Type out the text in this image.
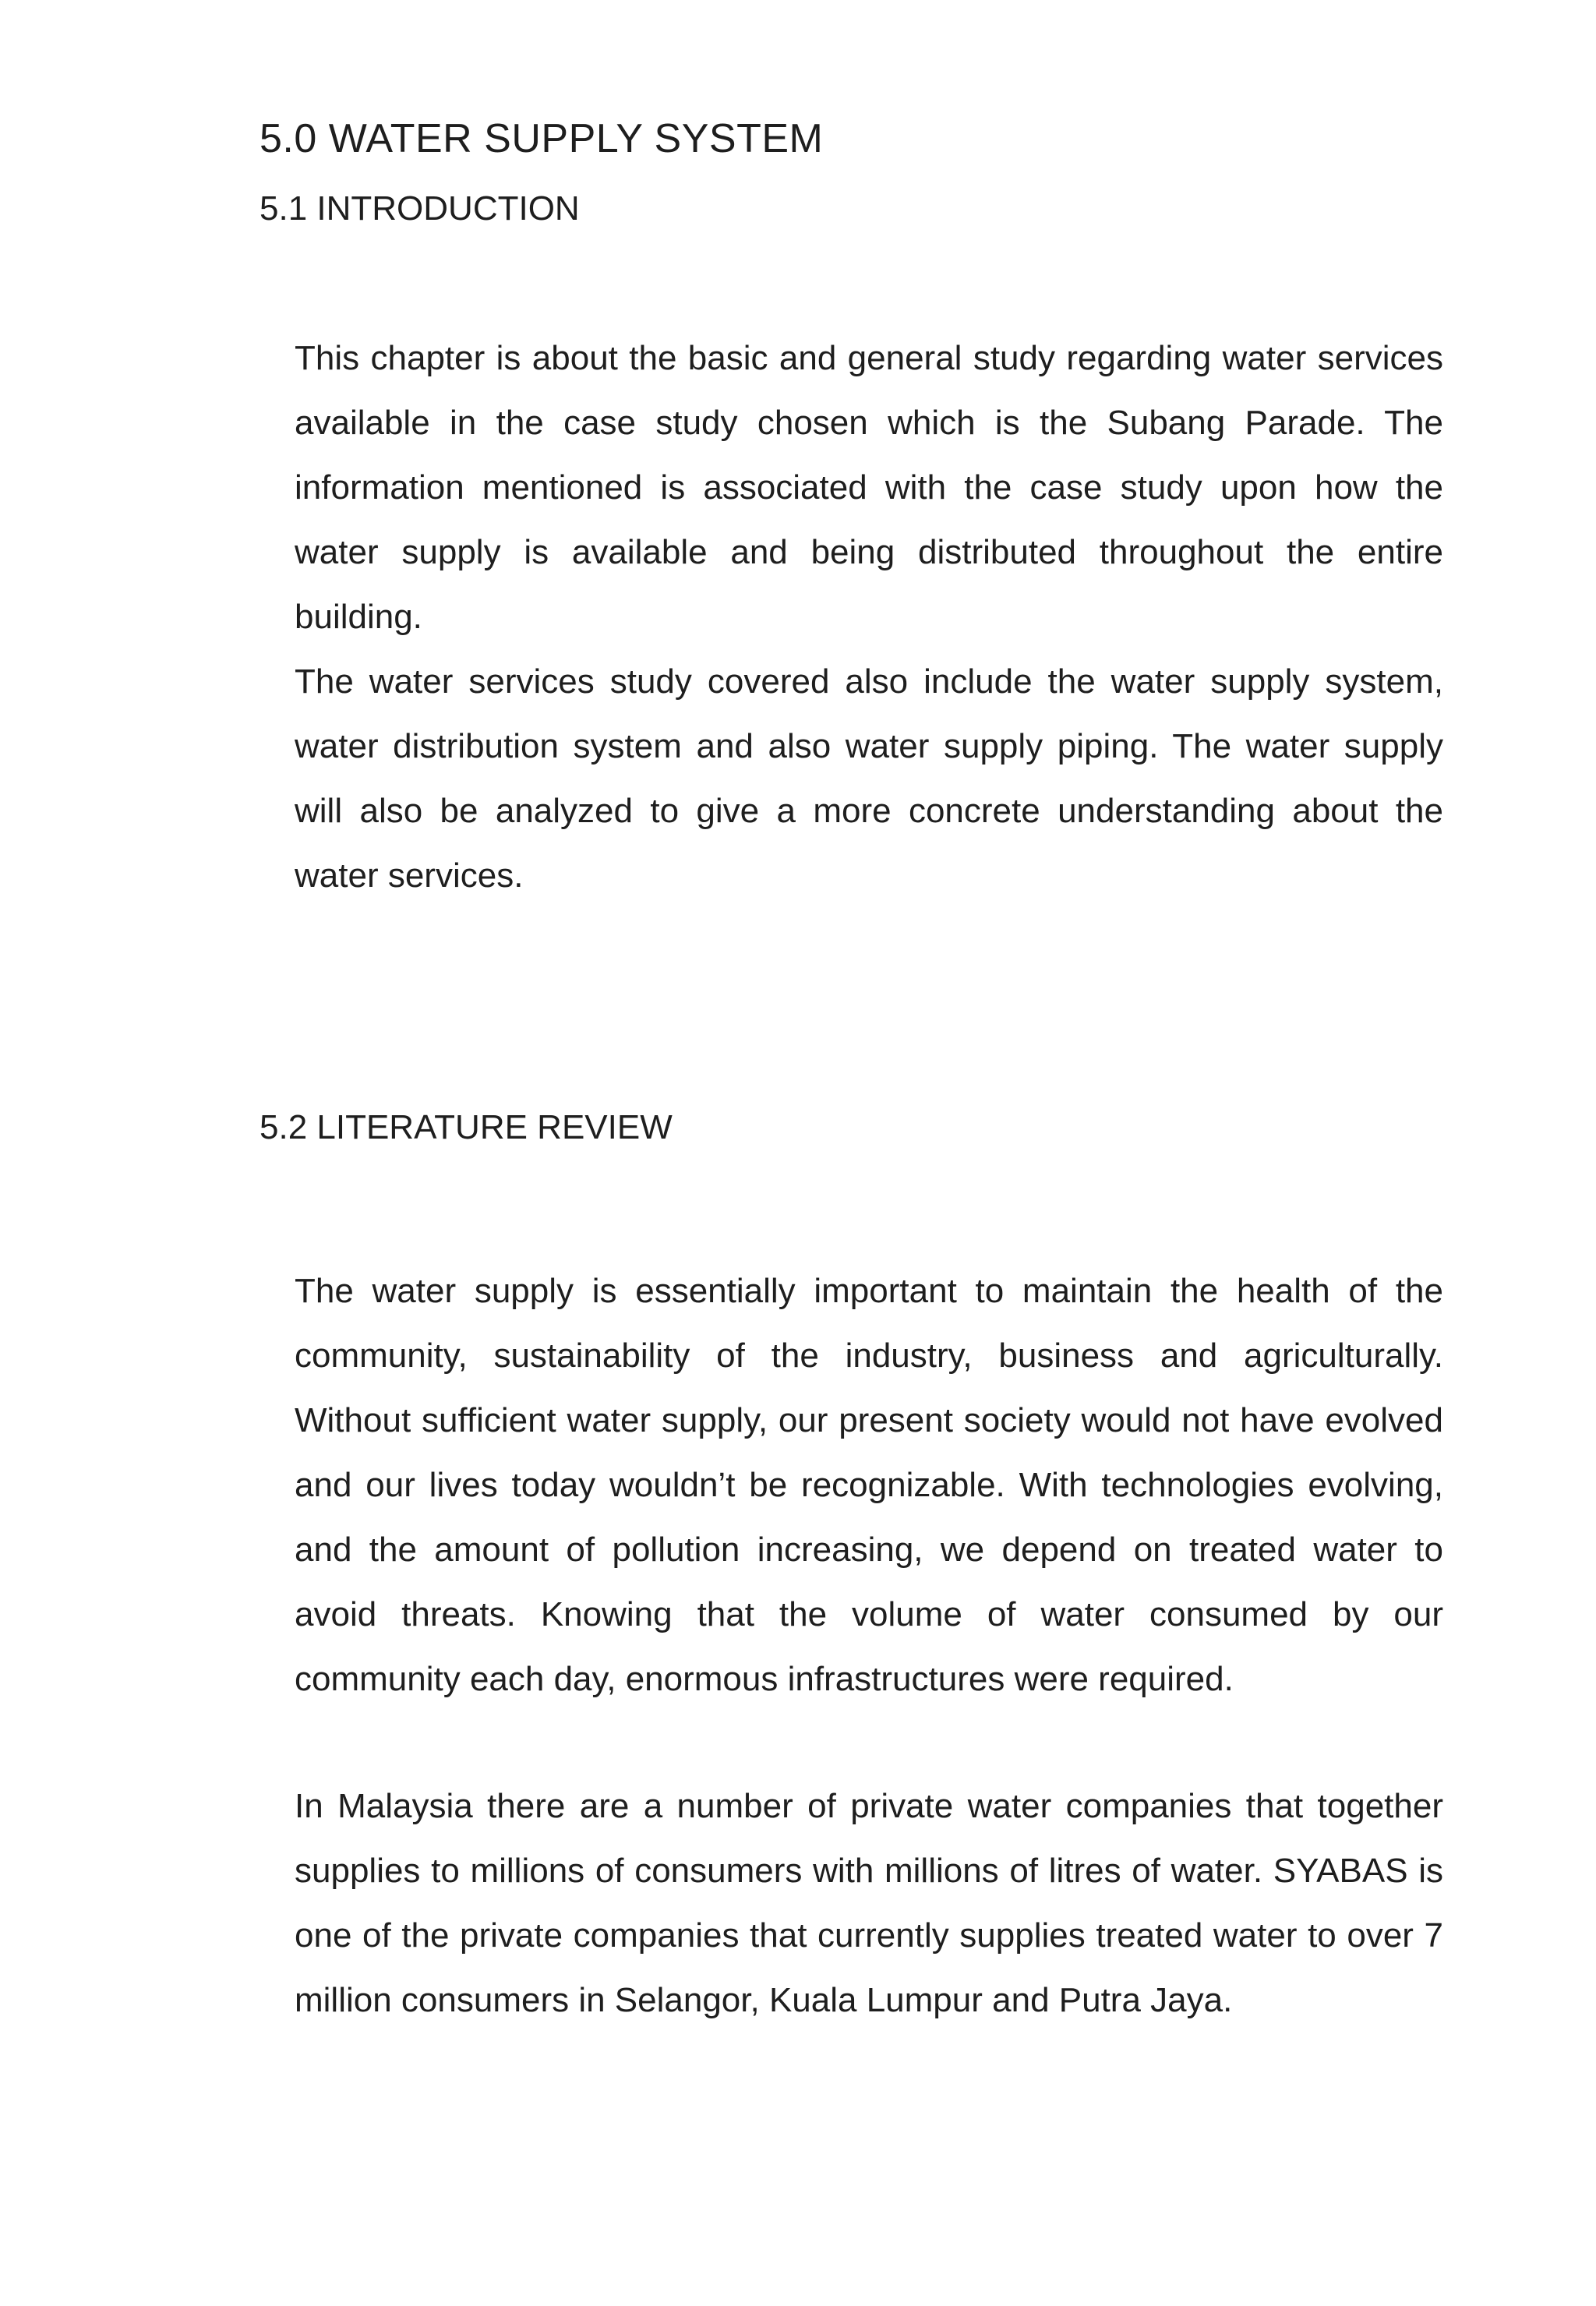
5.0 WATER SUPPLY SYSTEM
5.1 INTRODUCTION

This chapter is about the basic and general study regarding water services available in the case study chosen which is the Subang Parade. The information mentioned is associated with the case study upon how the water supply is available and being distributed throughout the entire building.

The water services study covered also include the water supply system, water distribution system and also water supply piping. The water supply will also be analyzed to give a more concrete understanding about the water services.

5.2 LITERATURE REVIEW

The water supply is essentially important to maintain the health of the community, sustainability of the industry, business and agriculturally. Without sufficient water supply, our present society would not have evolved and our lives today wouldn’t be recognizable. With technologies evolving, and the amount of pollution increasing, we depend on treated water to avoid threats. Knowing that the volume of water consumed by our community each day, enormous infrastructures were required.

In Malaysia there are a number of private water companies that together supplies to millions of consumers with millions of litres of water. SYABAS is one of the private companies that currently supplies treated water to over 7 million consumers in Selangor, Kuala Lumpur and Putra Jaya.
